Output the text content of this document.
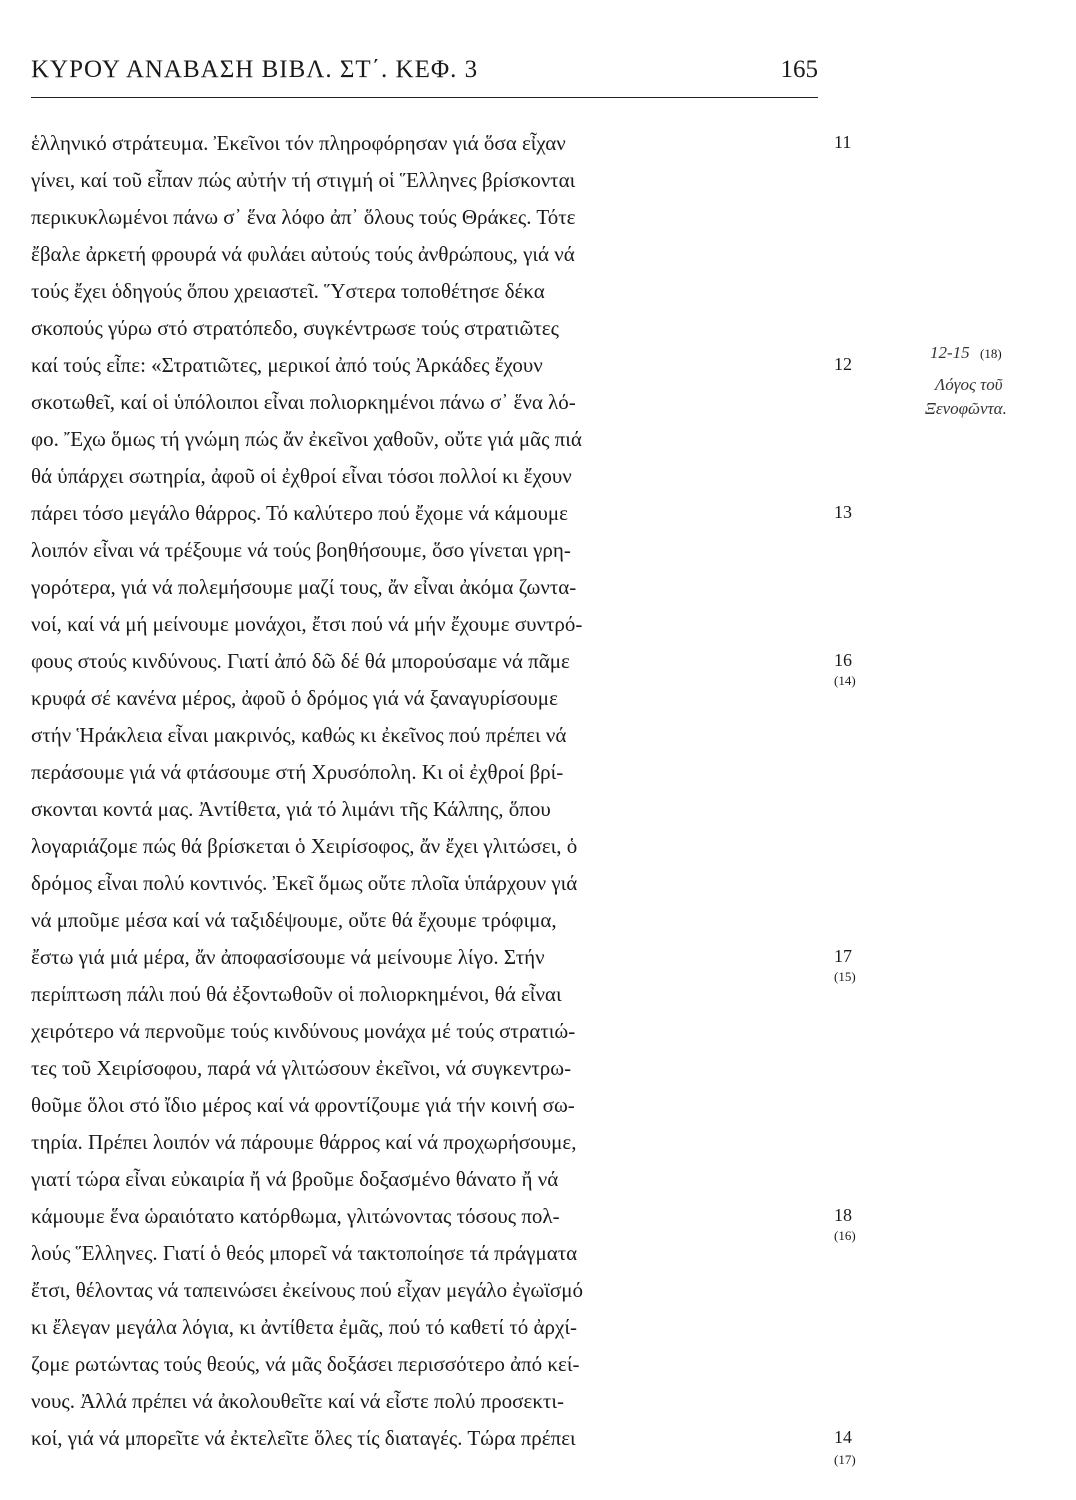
ΚΥΡΟΥ ΑΝΑΒΑΣΗ ΒΙΒΛ. ΣΤ΄. ΚΕΦ. 3	165
ἑλληνικό στράτευμα. Ἐκεῖνοι τόν πληροφόρησαν γιά ὅσα εἶχαν
γίνει, καί τοῦ εἶπαν πώς αὐτήν τή στιγμή οἱ Ἕλληνες βρίσκονται
περικυκλωμένοι πάνω σ᾿ ἕνα λόφο ἀπ᾿ ὅλους τούς Θράκες. Τότε
ἔβαλε ἀρκετή φρουρά νά φυλάει αὐτούς τούς ἀνθρώπους, γιά νά
τούς ἔχει ὁδηγούς ὅπου χρειαστεῖ. Ὕστερα τοποθέτησε δέκα
σκοπούς γύρω στό στρατόπεδο, συγκέντρωσε τούς στρατιῶτες
καί τούς εἶπε: «Στρατιῶτες, μερικοί ἀπό τούς Ἀρκάδες ἔχουν
σκοτωθεῖ, καί οἱ ὑπόλοιποι εἶναι πολιορκημένοι πάνω σ᾿ ἕνα λό-
φο. Ἔχω ὅμως τή γνώμη πώς ἄν ἐκεῖνοι χαθοῦν, οὔτε γιά μᾶς πιά
θά ὑπάρχει σωτηρία, ἀφοῦ οἱ ἐχθροί εἶναι τόσοι πολλοί κι ἔχουν
πάρει τόσο μεγάλο θάρρος. Τό καλύτερο πού ἔχομε νά κάμουμε
λοιπόν εἶναι νά τρέξουμε νά τούς βοηθήσουμε, ὅσο γίνεται γρη-
γορότερα, γιά νά πολεμήσουμε μαζί τους, ἄν εἶναι ἀκόμα ζωντα-
νοί, καί νά μή μείνουμε μονάχοι, ἔτσι πού νά μήν ἔχουμε συντρό-
φους στούς κινδύνους. Γιατί ἀπό δῶ δέ θά μπορούσαμε νά πᾶμε
κρυφά σέ κανένα μέρος, ἀφοῦ ὁ δρόμος γιά νά ξαναγυρίσουμε
στήν Ἡράκλεια εἶναι μακρινός, καθώς κι ἐκεῖνος πού πρέπει νά
περάσουμε γιά νά φτάσουμε στή Χρυσόπολη. Κι οἱ ἐχθροί βρί-
σκονται κοντά μας. Ἀντίθετα, γιά τό λιμάνι τῆς Κάλπης, ὅπου
λογαριάζομε πώς θά βρίσκεται ὁ Χειρίσοφος, ἄν ἔχει γλιτώσει, ὁ
δρόμος εἶναι πολύ κοντινός. Ἐκεῖ ὅμως οὔτε πλοῖα ὑπάρχουν γιά
νά μποῦμε μέσα καί νά ταξιδέψουμε, οὔτε θά ἔχουμε τρόφιμα,
ἔστω γιά μιά μέρα, ἄν ἀποφασίσουμε νά μείνουμε λίγο. Στήν
περίπτωση πάλι πού θά ἐξοντωθοῦν οἱ πολιορκημένοι, θά εἶναι
χειρότερο νά περνοῦμε τούς κινδύνους μονάχα μέ τούς στρατιώ-
τες τοῦ Χειρίσοφου, παρά νά γλιτώσουν ἐκεῖνοι, νά συγκεντρω-
θοῦμε ὅλοι στό ἴδιο μέρος καί νά φροντίζουμε γιά τήν κοινή σω-
τηρία. Πρέπει λοιπόν νά πάρουμε θάρρος καί νά προχωρήσουμε,
γιατί τώρα εἶναι εὐκαιρία ἤ νά βροῦμε δοξασμένο θάνατο ἤ νά
κάμουμε ἕνα ὡραιότατο κατόρθωμα, γλιτώνοντας τόσους πολ-
λούς Ἕλληνες. Γιατί ὁ θεός μπορεῖ νά τακτοποίησε τά πράγματα
ἔτσι, θέλοντας νά ταπεινώσει ἐκείνους πού εἶχαν μεγάλο ἐγωϊσμό
κι ἔλεγαν μεγάλα λόγια, κι ἀντίθετα ἐμᾶς, πού τό καθετί τό ἀρχί-
ζομε ρωτώντας τούς θεούς, νά μᾶς δοξάσει περισσότερο ἀπό κεί-
νους. Ἀλλά πρέπει νά ἀκολουθεῖτε καί νά εἶστε πολύ προσεκτι-
κοί, γιά νά μπορεῖτε νά ἐκτελεῖτε ὅλες τίς διαταγές. Τώρα πρέπει
11
12
13
16
(14)
17
(15)
18
(16)
14
(17)
12-15 (18)
Λόγος τοῦ
Ξενοφῶντα.
